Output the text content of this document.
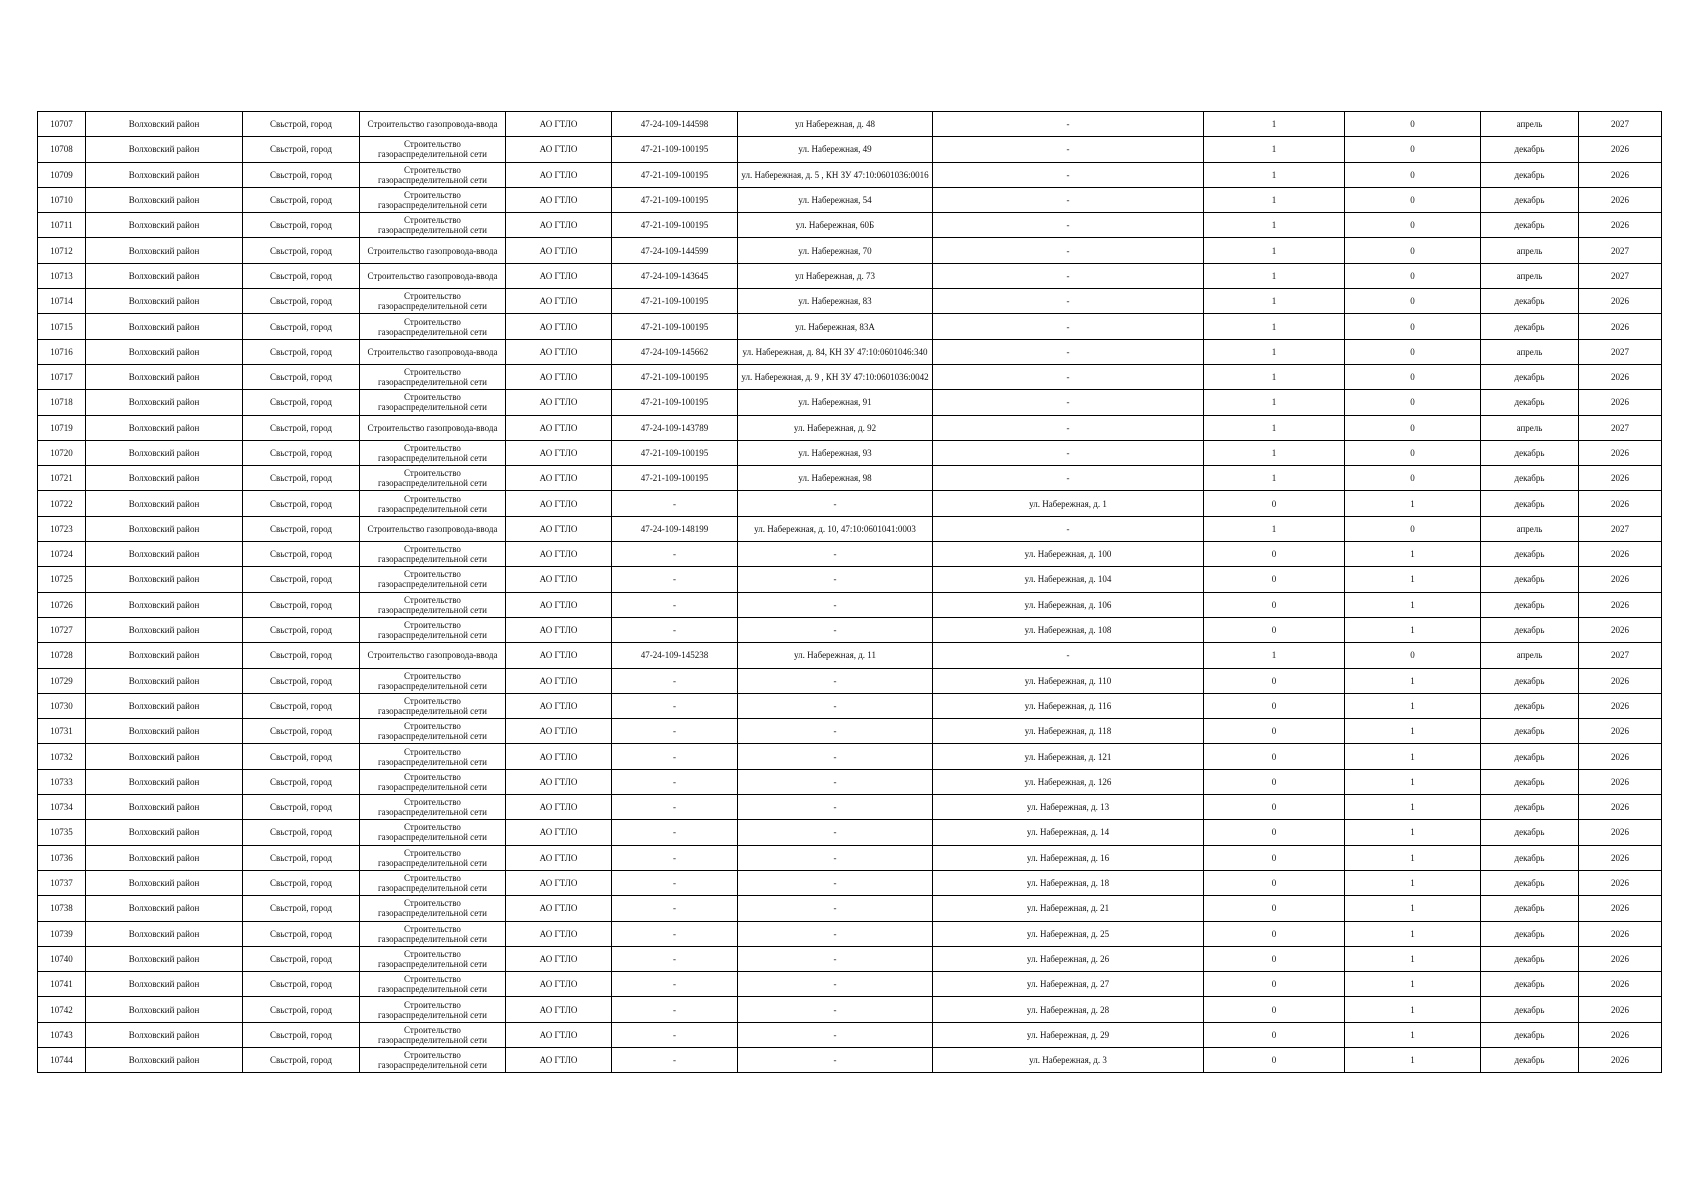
10707	Волховский район	Свьстрой, город	Строительство газопровода-ввода	АО ГТЛО	47-24-109-144598	ул Набережная, д. 48	-	1	0	апрель	2027
10708	Волховский район	Свьстрой, город	Строительство газораспределительной сети	АО ГТЛО	47-21-109-100195	ул. Набережная, 49	-	1	0	декабрь	2026
10709	Волховский район	Свьстрой, город	Строительство газораспределительной сети	АО ГТЛО	47-21-109-100195	ул. Набережная, д. 5 , КН ЗУ 47:10:0601036:0016	-	1	0	декабрь	2026
10710	Волховский район	Свьстрой, город	Строительство газораспределительной сети	АО ГТЛО	47-21-109-100195	ул. Набережная, 54	-	1	0	декабрь	2026
10711	Волховский район	Свьстрой, город	Строительство газораспределительной сети	АО ГТЛО	47-21-109-100195	ул. Набережная, 60Б	-	1	0	декабрь	2026
10712	Волховский район	Свьстрой, город	Строительство газопровода-ввода	АО ГТЛО	47-24-109-144599	ул. Набережная, 70	-	1	0	апрель	2027
10713	Волховский район	Свьстрой, город	Строительство газопровода-ввода	АО ГТЛО	47-24-109-143645	ул Набережная, д. 73	-	1	0	апрель	2027
10714	Волховский район	Свьстрой, город	Строительство газораспределительной сети	АО ГТЛО	47-21-109-100195	ул. Набережная, 83	-	1	0	декабрь	2026
10715	Волховский район	Свьстрой, город	Строительство газораспределительной сети	АО ГТЛО	47-21-109-100195	ул. Набережная, 83А	-	1	0	декабрь	2026
10716	Волховский район	Свьстрой, город	Строительство газопровода-ввода	АО ГТЛО	47-24-109-145662	ул. Набережная, д. 84, КН ЗУ 47:10:0601046:340	-	1	0	апрель	2027
10717	Волховский район	Свьстрой, город	Строительство газораспределительной сети	АО ГТЛО	47-21-109-100195	ул. Набережная, д. 9 , КН ЗУ 47:10:0601036:0042	-	1	0	декабрь	2026
10718	Волховский район	Свьстрой, город	Строительство газораспределительной сети	АО ГТЛО	47-21-109-100195	ул. Набережная, 91	-	1	0	декабрь	2026
10719	Волховский район	Свьстрой, город	Строительство газопровода-ввода	АО ГТЛО	47-24-109-143789	ул. Набережная, д. 92	-	1	0	апрель	2027
10720	Волховский район	Свьстрой, город	Строительство газораспределительной сети	АО ГТЛО	47-21-109-100195	ул. Набережная, 93	-	1	0	декабрь	2026
10721	Волховский район	Свьстрой, город	Строительство газораспределительной сети	АО ГТЛО	47-21-109-100195	ул. Набережная, 98	-	1	0	декабрь	2026
10722	Волховский район	Свьстрой, город	Строительство газораспределительной сети	АО ГТЛО	-	-	ул. Набережная, д. 1	0	1	декабрь	2026
10723	Волховский район	Свьстрой, город	Строительство газопровода-ввода	АО ГТЛО	47-24-109-148199	ул. Набережная, д. 10, 47:10:0601041:0003	-	1	0	апрель	2027
10724	Волховский район	Свьстрой, город	Строительство газораспределительной сети	АО ГТЛО	-	-	ул. Набережная, д. 100	0	1	декабрь	2026
10725	Волховский район	Свьстрой, город	Строительство газораспределительной сети	АО ГТЛО	-	-	ул. Набережная, д. 104	0	1	декабрь	2026
10726	Волховский район	Свьстрой, город	Строительство газораспределительной сети	АО ГТЛО	-	-	ул. Набережная, д. 106	0	1	декабрь	2026
10727	Волховский район	Свьстрой, город	Строительство газораспределительной сети	АО ГТЛО	-	-	ул. Набережная, д. 108	0	1	декабрь	2026
10728	Волховский район	Свьстрой, город	Строительство газопровода-ввода	АО ГТЛО	47-24-109-145238	ул. Набережная, д. 11	-	1	0	апрель	2027
10729	Волховский район	Свьстрой, город	Строительство газораспределительной сети	АО ГТЛО	-	-	ул. Набережная, д. 110	0	1	декабрь	2026
10730	Волховский район	Свьстрой, город	Строительство газораспределительной сети	АО ГТЛО	-	-	ул. Набережная, д. 116	0	1	декабрь	2026
10731	Волховский район	Свьстрой, город	Строительство газораспределительной сети	АО ГТЛО	-	-	ул. Набережная, д. 118	0	1	декабрь	2026
10732	Волховский район	Свьстрой, город	Строительство газораспределительной сети	АО ГТЛО	-	-	ул. Набережная, д. 121	0	1	декабрь	2026
10733	Волховский район	Свьстрой, город	Строительство газораспределительной сети	АО ГТЛО	-	-	ул. Набережная, д. 126	0	1	декабрь	2026
10734	Волховский район	Свьстрой, город	Строительство газораспределительной сети	АО ГТЛО	-	-	ул. Набережная, д. 13	0	1	декабрь	2026
10735	Волховский район	Свьстрой, город	Строительство газораспределительной сети	АО ГТЛО	-	-	ул. Набережная, д. 14	0	1	декабрь	2026
10736	Волховский район	Свьстрой, город	Строительство газораспределительной сети	АО ГТЛО	-	-	ул. Набережная, д. 16	0	1	декабрь	2026
10737	Волховский район	Свьстрой, город	Строительство газораспределительной сети	АО ГТЛО	-	-	ул. Набережная, д. 18	0	1	декабрь	2026
10738	Волховский район	Свьстрой, город	Строительство газораспределительной сети	АО ГТЛО	-	-	ул. Набережная, д. 21	0	1	декабрь	2026
10739	Волховский район	Свьстрой, город	Строительство газораспределительной сети	АО ГТЛО	-	-	ул. Набережная, д. 25	0	1	декабрь	2026
10740	Волховский район	Свьстрой, город	Строительство газораспределительной сети	АО ГТЛО	-	-	ул. Набережная, д. 26	0	1	декабрь	2026
10741	Волховский район	Свьстрой, город	Строительство газораспределительной сети	АО ГТЛО	-	-	ул. Набережная, д. 27	0	1	декабрь	2026
10742	Волховский район	Свьстрой, город	Строительство газораспределительной сети	АО ГТЛО	-	-	ул. Набережная, д. 28	0	1	декабрь	2026
10743	Волховский район	Свьстрой, город	Строительство газораспределительной сети	АО ГТЛО	-	-	ул. Набережная, д. 29	0	1	декабрь	2026
10744	Волховский район	Свьстрой, город	Строительство газораспределительной сети	АО ГТЛО	-	-	ул. Набережная, д. 3	0	1	декабрь	2026
